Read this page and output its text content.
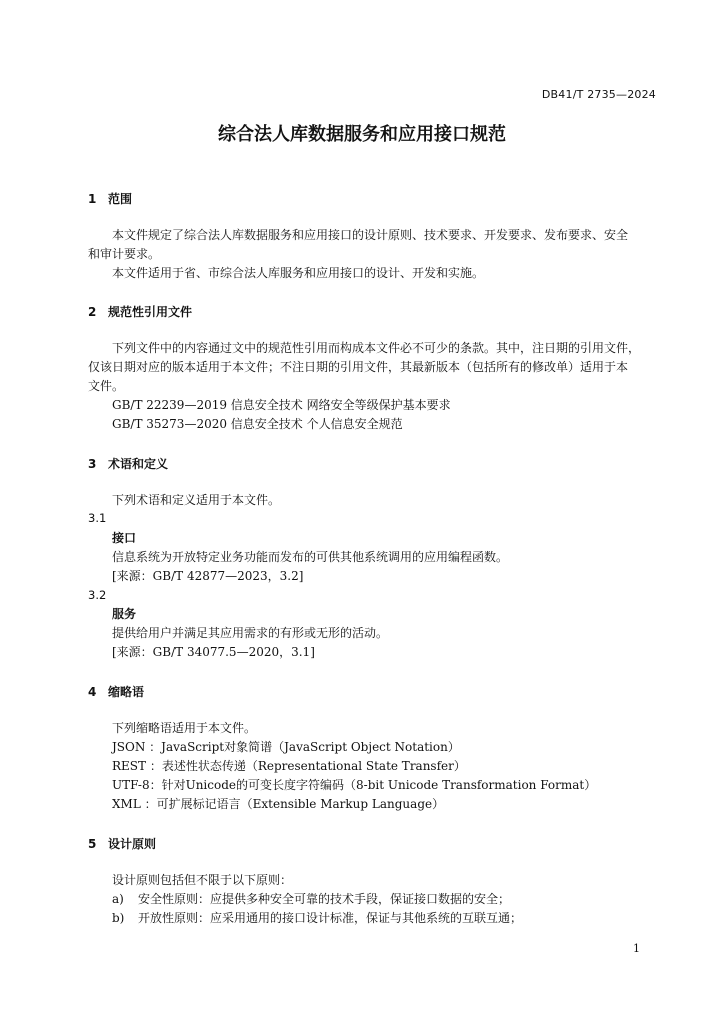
DB41/T 2735—2024
综合法人库数据服务和应用接口规范
1 范围
本文件规定了综合法人库数据服务和应用接口的设计原则、技术要求、开发要求、发布要求、安全
和审计要求。
本文件适用于省、市综合法人库服务和应用接口的设计、开发和实施。
2 规范性引用文件
下列文件中的内容通过文中的规范性引用而构成本文件必不可少的条款。其中，注日期的引用文件，
仅该日期对应的版本适用于本文件；不注日期的引用文件，其最新版本（包括所有的修改单）适用于本
文件。
GB/T 22239—2019 信息安全技术 网络安全等级保护基本要求
GB/T 35273—2020 信息安全技术 个人信息安全规范
3 术语和定义
下列术语和定义适用于本文件。
3.1
接口
信息系统为开放特定业务功能而发布的可供其他系统调用的应用编程函数。
[来源：GB/T 42877—2023，3.2]
3.2
服务
提供给用户并满足其应用需求的有形或无形的活动。
[来源：GB/T 34077.5—2020，3.1]
4 缩略语
下列缩略语适用于本文件。
JSON ：JavaScript对象简谱（JavaScript Object Notation）
REST ：表述性状态传递（Representational State Transfer）
UTF-8：针对Unicode的可变长度字符编码（8-bit Unicode Transformation Format）
XML ：可扩展标记语言（Extensible Markup Language）
5 设计原则
设计原则包括但不限于以下原则：
a) 安全性原则：应提供多种安全可靠的技术手段，保证接口数据的安全；
b) 开放性原则：应采用通用的接口设计标准，保证与其他系统的互联互通；
1
